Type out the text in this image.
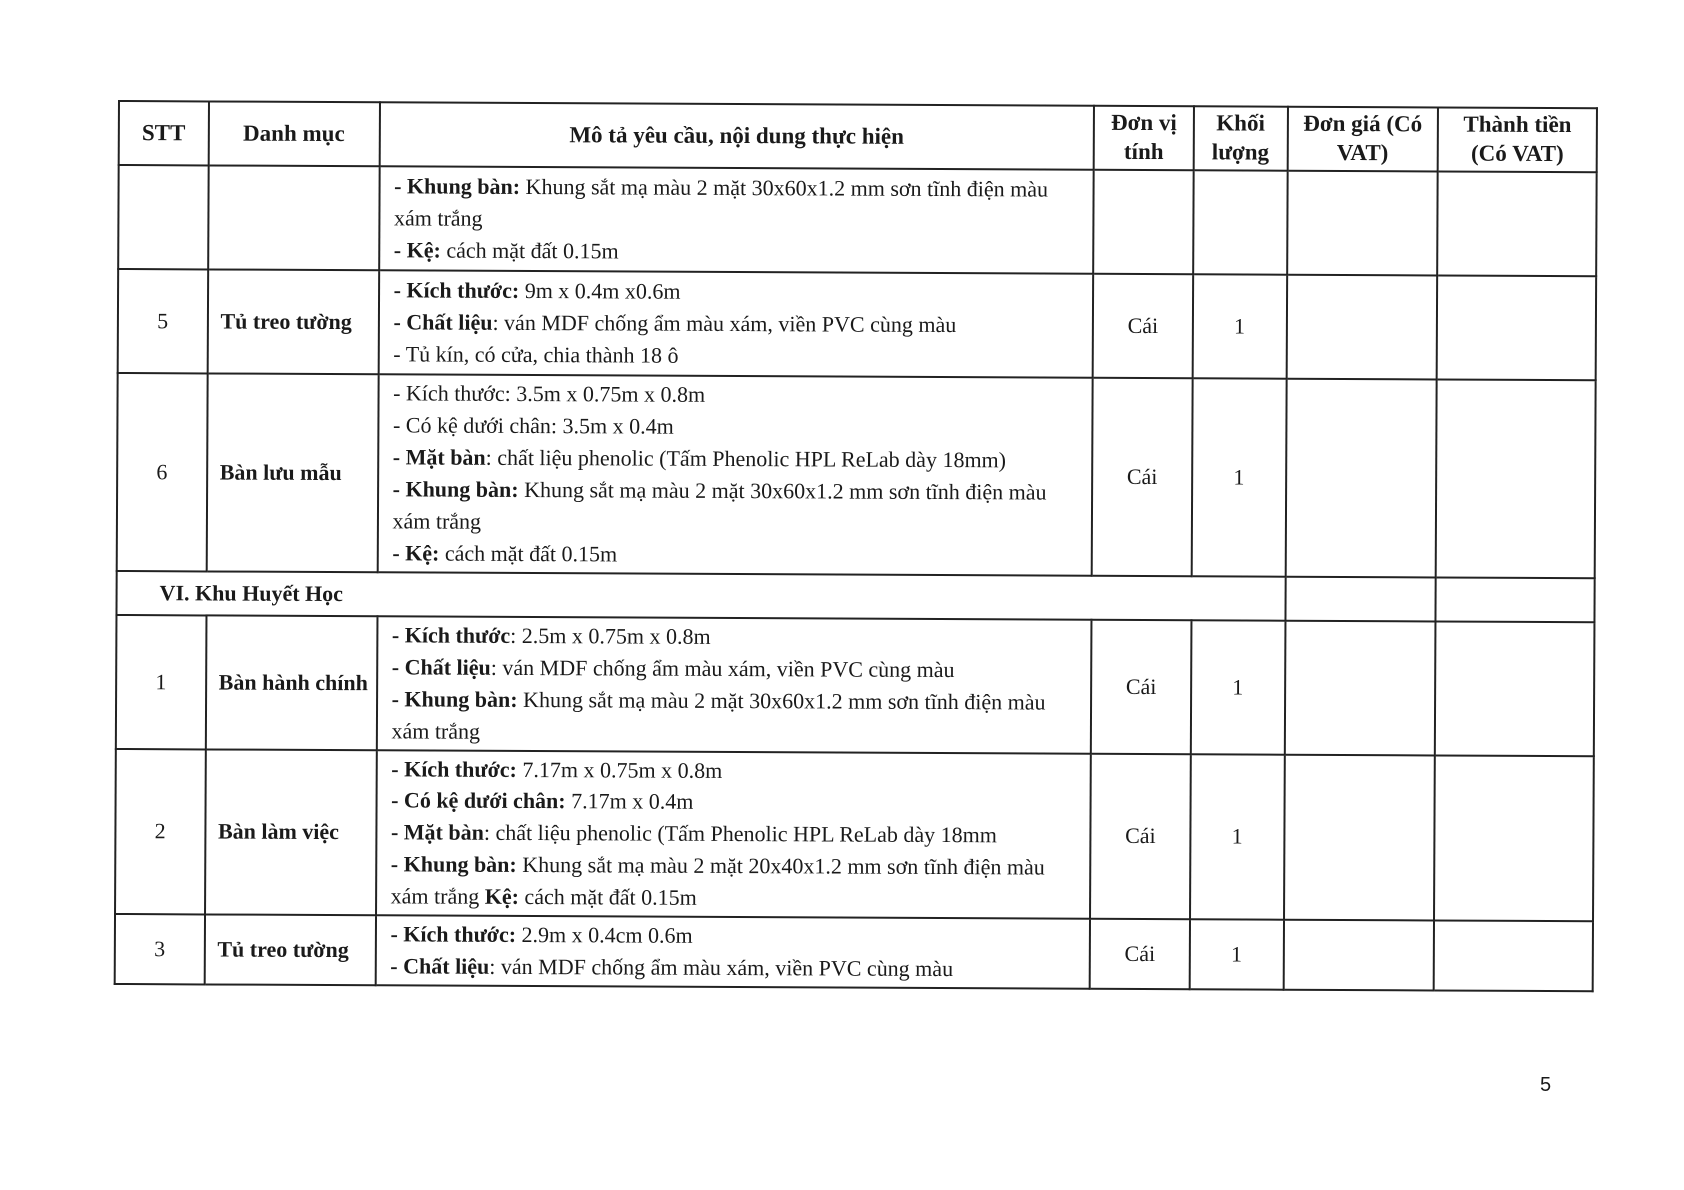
STT	Danh mục	Mô tả yêu cầu, nội dung thực hiện	Đơn vị tính	Khối lượng	Đơn giá (Có VAT)	Thành tiền (Có VAT)

		- Khung bàn: Khung sắt mạ màu 2 mặt 30x60x1.2 mm sơn tĩnh điện màu xám trắng
- Kệ: cách mặt đất 0.15m				

5	Tủ treo tường	- Kích thước: 9m x 0.4m x0.6m
- Chất liệu: ván MDF chống ẩm màu xám, viền PVC cùng màu
- Tủ kín, có cửa, chia thành 18 ô	Cái	1		
6	Bàn lưu mẫu	- Kích thước: 3.5m x 0.75m x 0.8m
- Có kệ dưới chân: 3.5m x 0.4m
- Mặt bàn: chất liệu phenolic (Tấm Phenolic HPL ReLab dày 18mm)
- Khung bàn: Khung sắt mạ màu 2 mặt 30x60x1.2 mm sơn tĩnh điện màu xám trắng
- Kệ: cách mặt đất 0.15m	Cái	1		
VI. Khu Huyết Học						
1	Bàn hành chính	- Kích thước: 2.5m x 0.75m x 0.8m
- Chất liệu: ván MDF chống ẩm màu xám, viền PVC cùng màu
- Khung bàn: Khung sắt mạ màu 2 mặt 30x60x1.2 mm sơn tĩnh điện màu xám trắng	Cái	1		
2	Bàn làm việc	- Kích thước: 7.17m x 0.75m x 0.8m
- Có kệ dưới chân: 7.17m x 0.4m
- Mặt bàn: chất liệu phenolic (Tấm Phenolic HPL ReLab dày 18mm
- Khung bàn: Khung sắt mạ màu 2 mặt 20x40x1.2 mm sơn tĩnh điện màu xám trắng Kệ: cách mặt đất 0.15m	Cái	1		
3	Tủ treo tường	- Kích thước: 2.9m x 0.4cm 0.6m
- Chất liệu: ván MDF chống ẩm màu xám, viền PVC cùng màu	Cái	1		
5
